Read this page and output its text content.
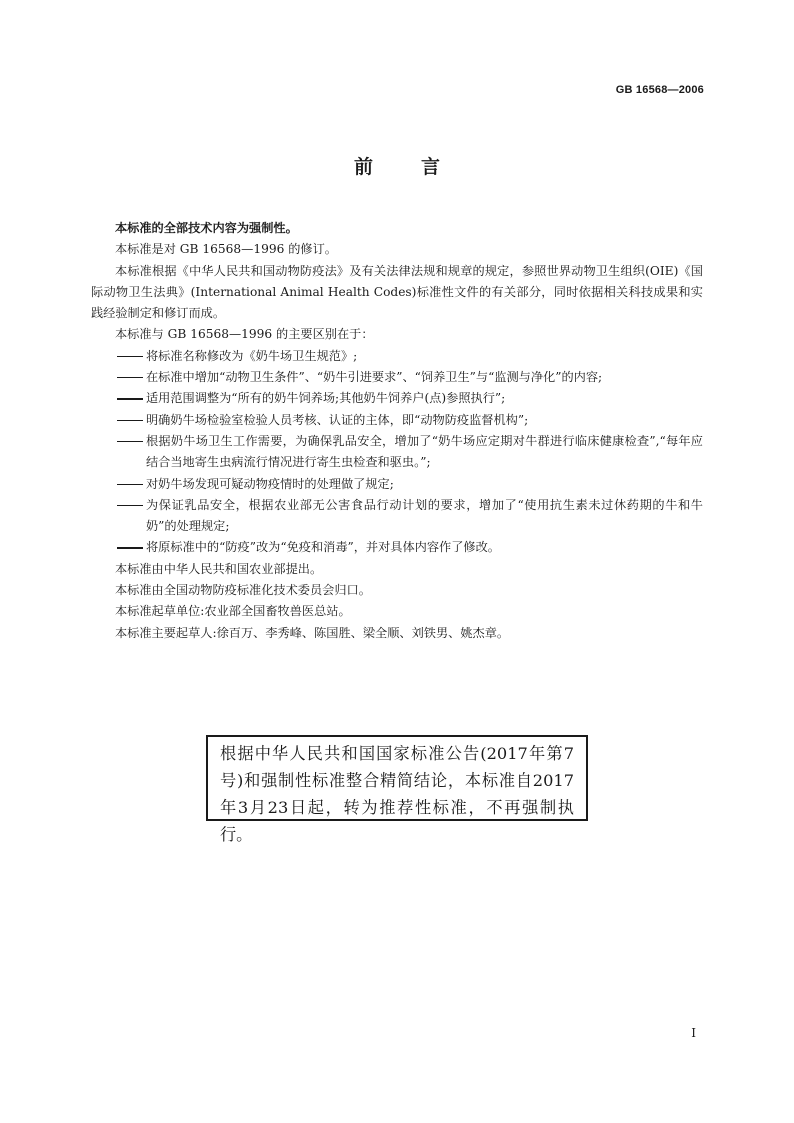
GB 16568—2006
前言

本标准的全部技术内容为强制性。

本标准是对 GB 16568—1996 的修订。

本标准根据《中华人民共和国动物防疫法》及有关法律法规和规章的规定，参照世界动物卫生组织(OIE)《国际动物卫生法典》(International Animal Health Codes)标准性文件的有关部分，同时依据相关科技成果和实践经验制定和修订而成。

本标准与 GB 16568—1996 的主要区别在于：

将标准名称修改为《奶牛场卫生规范》;

在标准中增加“动物卫生条件”、“奶牛引进要求”、“饲养卫生”与“监测与净化”的内容;

适用范围调整为“所有的奶牛饲养场;其他奶牛饲养户(点)参照执行”;

明确奶牛场检验室检验人员考核、认证的主体，即“动物防疫监督机构”;

根据奶牛场卫生工作需要，为确保乳品安全，增加了“奶牛场应定期对牛群进行临床健康检查”,“每年应结合当地寄生虫病流行情况进行寄生虫检查和驱虫。”;

对奶牛场发现可疑动物疫情时的处理做了规定;

为保证乳品安全，根据农业部无公害食品行动计划的要求，增加了“使用抗生素未过休药期的牛和牛奶”的处理规定;

将原标准中的“防疫”改为“免疫和消毒”，并对具体内容作了修改。

本标准由中华人民共和国农业部提出。

本标准由全国动物防疫标准化技术委员会归口。

本标准起草单位:农业部全国畜牧兽医总站。

本标准主要起草人:徐百万、李秀峰、陈国胜、梁全顺、刘铁男、姚杰章。

根据中华人民共和国国家标准公告(2017年第7号)和强制性标准整合精简结论，本标准自2017年3月23日起，转为推荐性标准，不再强制执行。
I
